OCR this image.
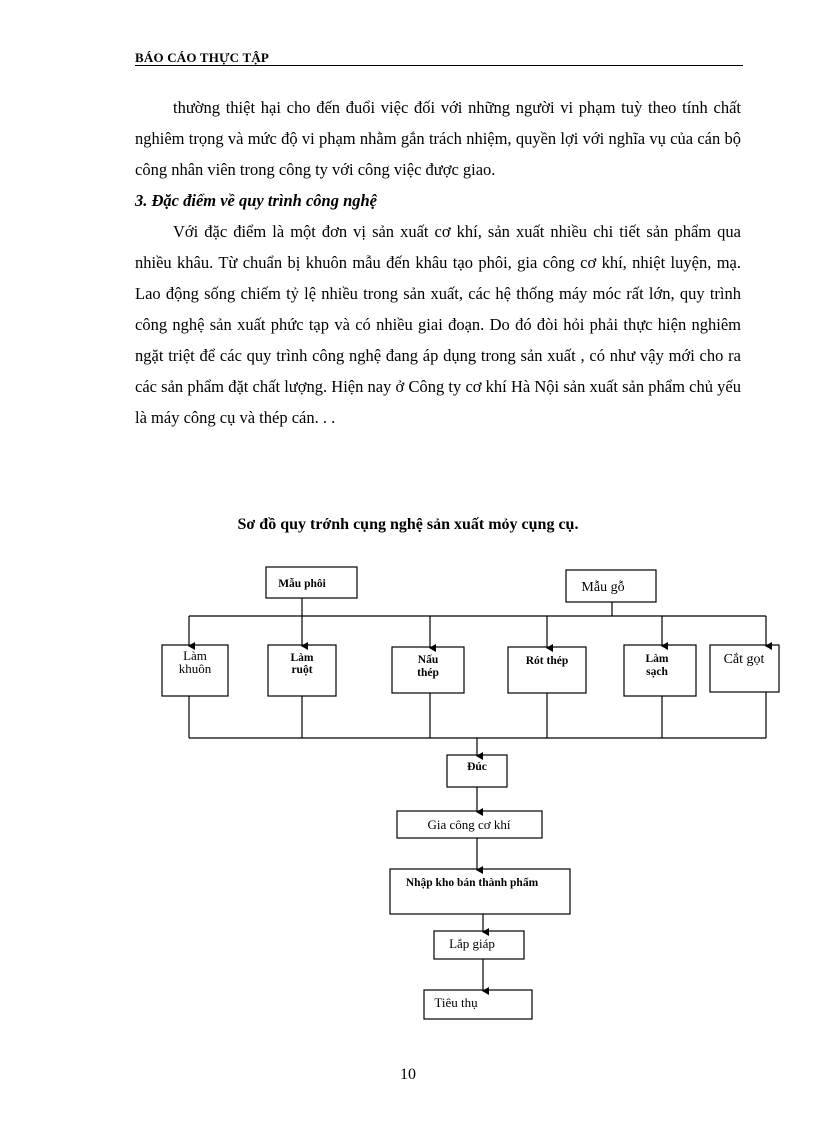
BÁO CÁO THỰC TẬP

thường thiệt hại cho đến đuổi việc đối với những người vi phạm tuỳ theo tính chất nghiêm trọng và mức độ vi phạm nhằm gắn trách nhiệm, quyền lợi với nghĩa vụ của cán bộ công nhân viên trong công ty với công việc được giao.

3. Đặc điểm về quy trình công nghệ

Với đặc điểm là một đơn vị sản xuất cơ khí, sản xuất nhiều chi tiết sản phẩm qua nhiều khâu. Từ chuẩn bị khuôn mẫu đến khâu tạo phôi, gia công cơ khí, nhiệt luyện, mạ. Lao động sống chiếm tỷ lệ nhiều trong sản xuất, các hệ thống máy móc rất lớn, quy trình công nghệ sản xuất phức tạp và có nhiều giai đoạn. Do đó đòi hỏi phải thực hiện nghiêm ngặt triệt để các quy trình công nghệ đang áp dụng trong sản xuất , có như vậy mới cho ra các sản phẩm đặt chất lượng. Hiện nay ở Công ty cơ khí Hà Nội sản xuất sản phẩm chủ yếu là máy công cụ và thép cán. . .

Sơ đồ quy trớnh cụng nghệ sản xuất mỏy cụng cụ.
Mẫu phôi	Mẫu gỗ
Làm
khuôn
Làm
ruột
Nấu
thép
Rót thép	Làm
sạch
Cắt gọt
Đúc
Gia công cơ khí
Nhập kho bán thành phẩm
Lắp giáp
Tiêu thụ
10
